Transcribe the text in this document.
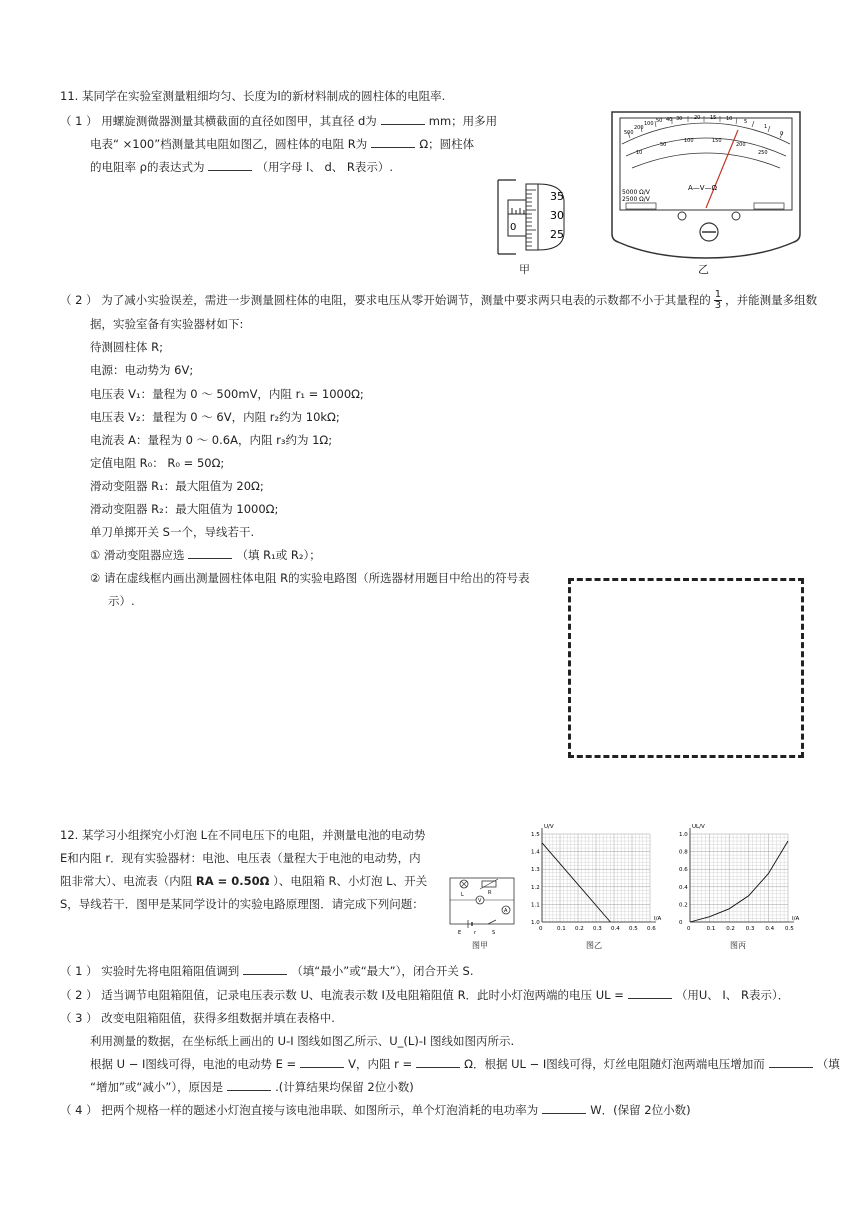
11. 某同学在实验室测量粗细均匀、长度为l的新材料制成的圆柱体的电阻率.
（ 1 ） 用螺旋测微器测量其横截面的直径如图甲，其直径 d为	mm；用多用
电表“ ×100”档测量其电阻如图乙，圆柱体的电阻 R为	Ω；圆柱体
的电阻率 ρ的表达式为	（用字母 l、 d、 R表示）.
0
35
30
25
甲
500
200
100 50 40 30 20 15 10 5
1
0
10
50
100	150
200
250
A—V—Ω
5000 Ω/V
2500 Ω/V
乙
（ 2 ） 为了减小实验误差，需进一步测量圆柱体的电阻，要求电压从零开始调节，测量中要求两只电表的示数都不小于其量程的 $\frac{1}{3}$ ，并能测量多组数
据，实验室备有实验器材如下:
待测圆柱体 R;
电源：电动势为 6V;
电压表 V₁：量程为 0 ～ 500mV，内阻 r₁ = 1000Ω;
电压表 V₂：量程为 0 ～ 6V，内阻 r₂约为 10kΩ;
电流表 A：量程为 0 ～ 0.6A，内阻 r₃约为 1Ω;
定值电阻 R₀： R₀ = 50Ω;
滑动变阻器 R₁：最大阻值为 20Ω;
滑动变阻器 R₂：最大阻值为 1000Ω;
单刀单掷开关 S一个，导线若干.
① 滑动变阻器应选	（填 R₁或 R₂）；
② 请在虚线框内画出测量圆柱体电阻 R的实验电路图（所选器材用题目中给出的符号表
示）.
12. 某学习小组探究小灯泡 L在不同电压下的电阻，并测量电池的电动势
E和内阻 r．现有实验器材：电池、电压表（量程大于电池的电动势，内
阻非常大）、电流表（内阻 RA = 0.50Ω ）、电阻箱 R、小灯泡 L、开关
S，导线若干．图甲是某同学设计的实验电路原理图．请完成下列问题：
L	R
V
A
E	r	S
图甲
0	0.1 0.2 0.3 0.4 0.5 0.6
1.0
1.1
1.2
1.3
1.4
1.5
I/A
U/V
图乙
0	0.1 0.2 0.3 0.4 0.5
0
0.2
0.4
0.6
0.8
1.0
I/A
UL/V
图丙
（ 1 ） 实验时先将电阻箱阻值调到	（填“最小”或“最大”），闭合开关 S.
（ 2 ） 适当调节电阻箱阻值，记录电压表示数 U、电流表示数 I及电阻箱阻值 R．此时小灯泡两端的电压 UL =	（用U、 I、 R表示）．
（ 3 ） 改变电阻箱阻值，获得多组数据并填在表格中.
利用测量的数据，在坐标纸上画出的 U-I 图线如图乙所示、U_(L)-I 图线如图丙所示.
根据 U − I图线可得，电池的电动势 E =	V，内阻 r =	Ω．根据 UL − I图线可得，灯丝电阻随灯泡两端电压增加而	（填
“增加”或“减小”），原因是	.(计算结果均保留 2位小数)
（ 4 ） 把两个规格一样的题述小灯泡直接与该电池串联、如图所示，单个灯泡消耗的电功率为	W．(保留 2位小数)
